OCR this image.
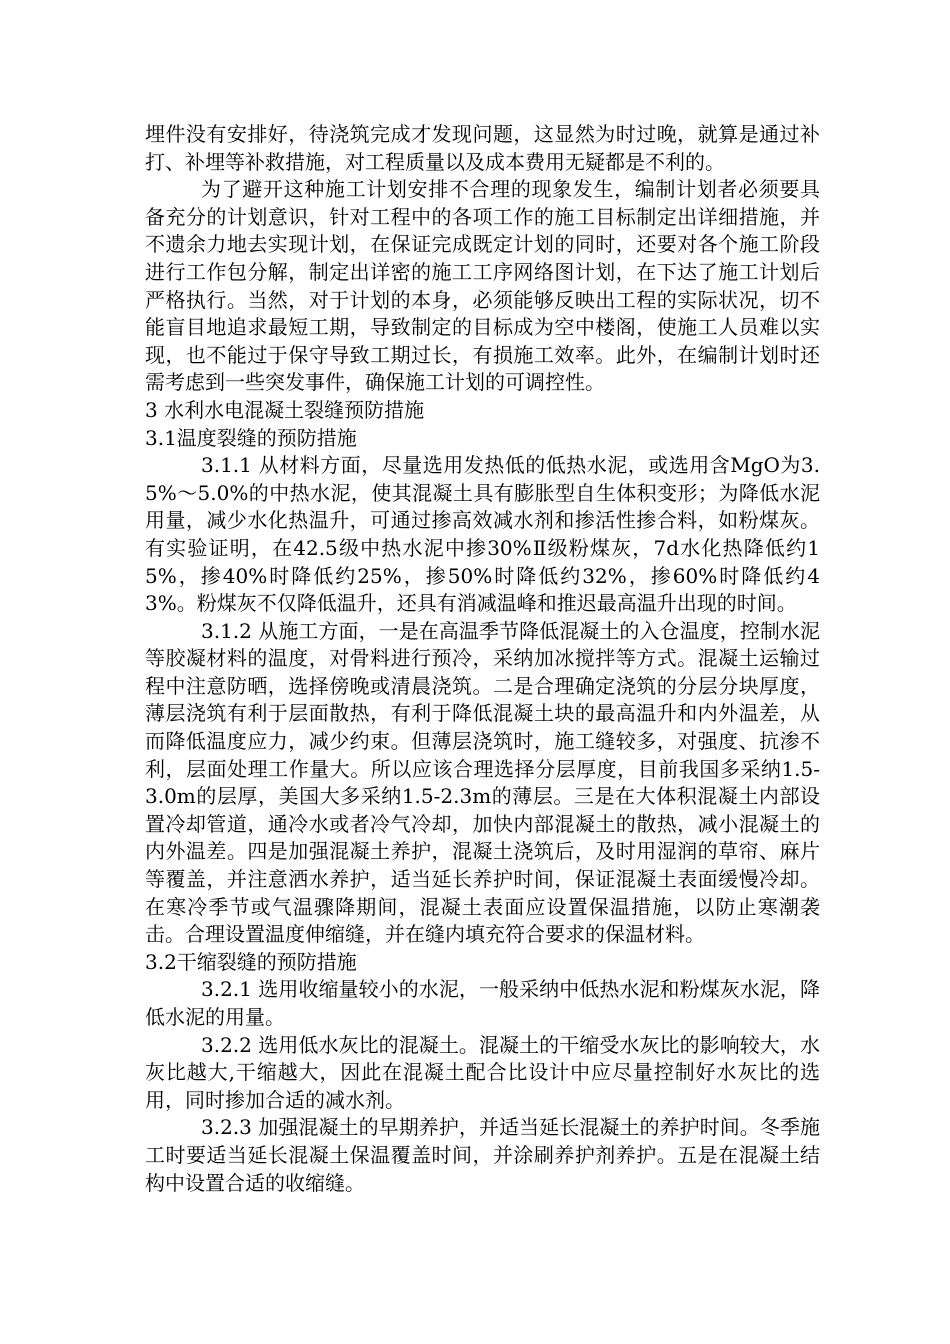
埋件没有安排好，待浇筑完成才发现问题，这显然为时过晚，就算是通过补打、补埋等补救措施，对工程质量以及成本费用无疑都是不利的。

为了避开这种施工计划安排不合理的现象发生，编制计划者必须要具备充分的计划意识，针对工程中的各项工作的施工目标制定出详细措施，并不遗余力地去实现计划，在保证完成既定计划的同时，还要对各个施工阶段进行工作包分解，制定出详密的施工工序网络图计划，在下达了施工计划后严格执行。当然，对于计划的本身，必须能够反映出工程的实际状况，切不能盲目地追求最短工期，导致制定的目标成为空中楼阁，使施工人员难以实现，也不能过于保守导致工期过长，有损施工效率。此外，在编制计划时还需考虑到一些突发事件，确保施工计划的可调控性。

3 水利水电混凝土裂缝预防措施

3.1温度裂缝的预防措施

3.1.1 从材料方面，尽量选用发热低的低热水泥，或选用含MgO为3.5%～5.0%的中热水泥，使其混凝土具有膨胀型自生体积变形；为降低水泥用量，减少水化热温升，可通过掺高效减水剂和掺活性掺合料，如粉煤灰。有实验证明，在42.5级中热水泥中掺30%Ⅱ级粉煤灰，7d水化热降低约15%，掺40%时降低约25%，掺50%时降低约32%，掺60%时降低约43%。粉煤灰不仅降低温升，还具有消减温峰和推迟最高温升出现的时间。

3.1.2 从施工方面，一是在高温季节降低混凝土的入仓温度，控制水泥等胶凝材料的温度，对骨料进行预冷，采纳加冰搅拌等方式。混凝土运输过程中注意防晒，选择傍晚或清晨浇筑。二是合理确定浇筑的分层分块厚度，薄层浇筑有利于层面散热，有利于降低混凝土块的最高温升和内外温差，从而降低温度应力，减少约束。但薄层浇筑时，施工缝较多，对强度、抗渗不利，层面处理工作量大。所以应该合理选择分层厚度，目前我国多采纳1.5-3.0m的层厚，美国大多采纳1.5-2.3m的薄层。三是在大体积混凝土内部设置冷却管道，通冷水或者冷气冷却，加快内部混凝土的散热，减小混凝土的内外温差。四是加强混凝土养护，混凝土浇筑后，及时用湿润的草帘、麻片等覆盖，并注意洒水养护，适当延长养护时间，保证混凝土表面缓慢冷却。在寒冷季节或气温骤降期间，混凝土表面应设置保温措施，以防止寒潮袭击。合理设置温度伸缩缝，并在缝内填充符合要求的保温材料。

3.2干缩裂缝的预防措施

3.2.1 选用收缩量较小的水泥，一般采纳中低热水泥和粉煤灰水泥，降低水泥的用量。

3.2.2 选用低水灰比的混凝土。混凝土的干缩受水灰比的影响较大，水灰比越大,干缩越大，因此在混凝土配合比设计中应尽量控制好水灰比的选用，同时掺加合适的减水剂。

3.2.3 加强混凝土的早期养护，并适当延长混凝土的养护时间。冬季施工时要适当延长混凝土保温覆盖时间，并涂刷养护剂养护。五是在混凝土结构中设置合适的收缩缝。
